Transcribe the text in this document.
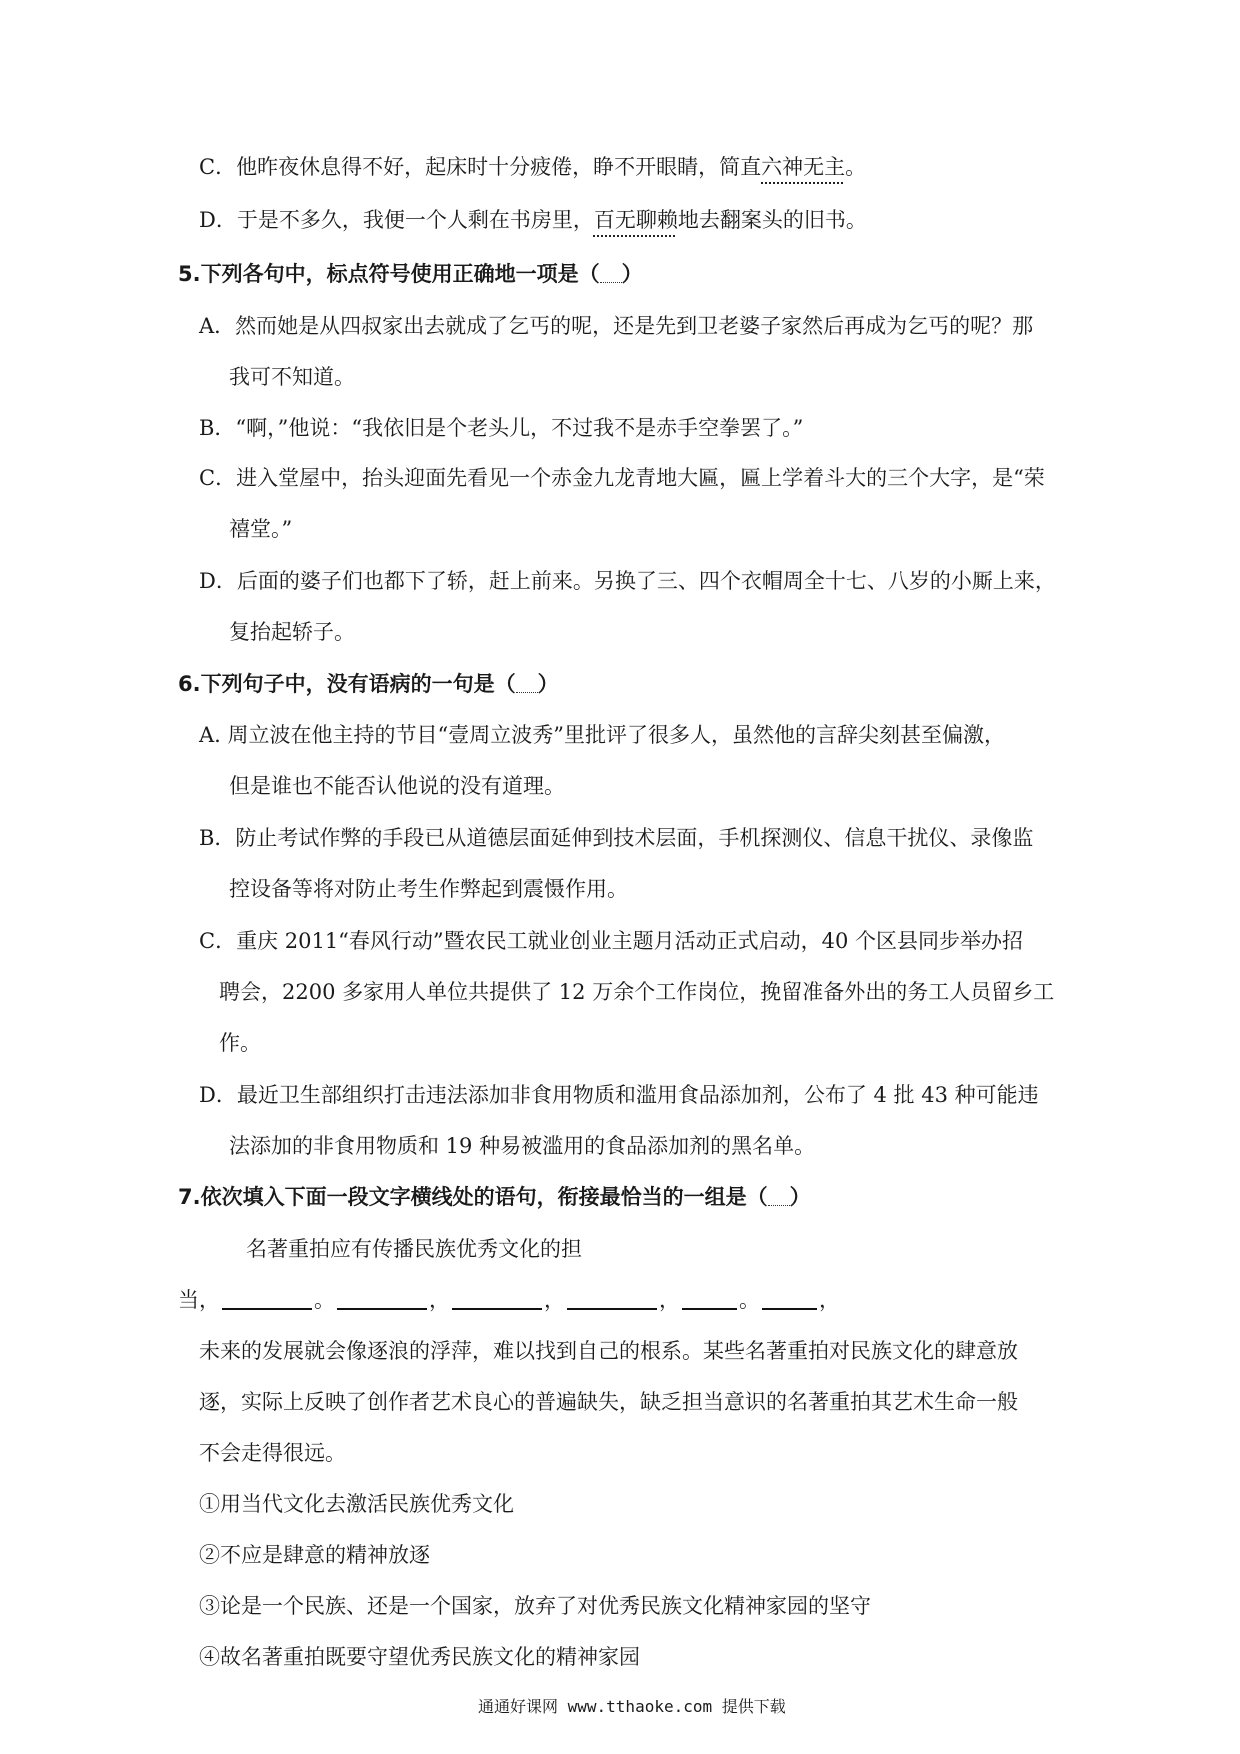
C．他昨夜休息得不好，起床时十分疲倦，睁不开眼睛，简直六神无主。
D．于是不多久，我便一个人剩在书房里，百无聊赖地去翻案头的旧书。
5.下列各句中，标点符号使用正确地一项是（ ）
A．然而她是从四叔家出去就成了乞丐的呢，还是先到卫老婆子家然后再成为乞丐的呢？那
我可不知道。
B．“啊，”他说：“我依旧是个老头儿，不过我不是赤手空拳罢了。”
C．进入堂屋中，抬头迎面先看见一个赤金九龙青地大匾，匾上学着斗大的三个大字，是“荣
禧堂。”
D．后面的婆子们也都下了轿，赶上前来。另换了三、四个衣帽周全十七、八岁的小厮上来，
复抬起轿子。
6.下列句子中，没有语病的一句是（ ）
A. 周立波在他主持的节目“壹周立波秀”里批评了很多人，虽然他的言辞尖刻甚至偏激，
但是谁也不能否认他说的没有道理。
B．防止考试作弊的手段已从道德层面延伸到技术层面，手机探测仪、信息干扰仪、录像监
控设备等将对防止考生作弊起到震慑作用。
C．重庆 2011“春风行动”暨农民工就业创业主题月活动正式启动，40 个区县同步举办招
聘会，2200 多家用人单位共提供了 12 万余个工作岗位，挽留准备外出的务工人员留乡工
作。
D．最近卫生部组织打击违法添加非食用物质和滥用食品添加剂，公布了 4 批 43 种可能违
法添加的非食用物质和 19 种易被滥用的食品添加剂的黑名单。
7.依次填入下面一段文字横线处的语句，衔接最恰当的一组是（ ）
名著重拍应有传播民族优秀文化的担
当，	。	，	，	，	。	，
未来的发展就会像逐浪的浮萍，难以找到自己的根系。某些名著重拍对民族文化的肆意放
逐，实际上反映了创作者艺术良心的普遍缺失，缺乏担当意识的名著重拍其艺术生命一般
不会走得很远。
①用当代文化去激活民族优秀文化
②不应是肆意的精神放逐
③论是一个民族、还是一个国家，放弃了对优秀民族文化精神家园的坚守
④故名著重拍既要守望优秀民族文化的精神家园
通通好课网 www.tthaoke.com 提供下载
